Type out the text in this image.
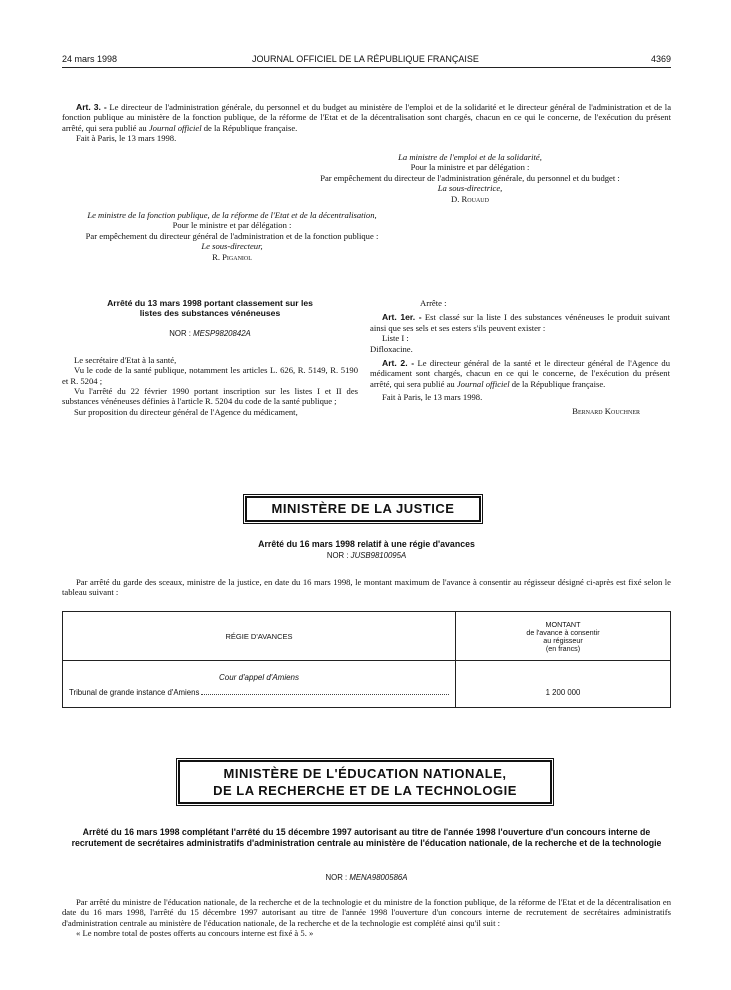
24 mars 1998	JOURNAL OFFICIEL DE LA RÉPUBLIQUE FRANÇAISE	4369

Art. 3. - Le directeur de l'administration générale, du personnel et du budget au ministère de l'emploi et de la solidarité et le directeur général de l'administration et de la fonction publique au ministère de la fonction publique, de la réforme de l'Etat et de la décentralisation sont chargés, chacun en ce qui le concerne, de l'exécution du présent arrêté, qui sera publié au Journal officiel de la République française.

Fait à Paris, le 13 mars 1998.

La ministre de l'emploi et de la solidarité,
Pour la ministre et par délégation :
Par empêchement du directeur de l'administration générale, du personnel et du budget :
La sous-directrice,
D. Rouaud
Le ministre de la fonction publique, de la réforme de l'Etat et de la décentralisation,
Pour le ministre et par délégation :
Par empêchement du directeur général de l'administration et de la fonction publique :
Le sous-directeur,
R. Piganiol
Arrêté du 13 mars 1998 portant classement sur les listes des substances vénéneuses
NOR : MESP9820842A

Le secrétaire d'Etat à la santé,

Vu le code de la santé publique, notamment les articles L. 626, R. 5149, R. 5190 et R. 5204 ;

Vu l'arrêté du 22 février 1990 portant inscription sur les listes I et II des substances vénéneuses définies à l'article R. 5204 du code de la santé publique ;

Sur proposition du directeur général de l'Agence du médicament,

Arrête :

Art. 1er. - Est classé sur la liste I des substances vénéneuses le produit suivant ainsi que ses sels et ses esters s'ils peuvent exister :

Liste I :

Difloxacine.

Art. 2. - Le directeur général de la santé et le directeur général de l'Agence du médicament sont chargés, chacun en ce qui le concerne, de l'exécution du présent arrêté, qui sera publié au Journal officiel de la République française.

Fait à Paris, le 13 mars 1998.

Bernard Kouchner
MINISTÈRE DE LA JUSTICE
Arrêté du 16 mars 1998 relatif à une régie d'avances
NOR : JUSB9810095A

Par arrêté du garde des sceaux, ministre de la justice, en date du 16 mars 1998, le montant maximum de l'avance à consentir au régisseur désigné ci-après est fixé selon le tableau suivant :

RÉGIE D'AVANCES
MONTANT
de l'avance à consentir
au régisseur
(en francs)
Cour d'appel d'Amiens
Tribunal de grande instance d'Amiens	1 200 000
MINISTÈRE DE L'ÉDUCATION NATIONALE,
DE LA RECHERCHE ET DE LA TECHNOLOGIE
Arrêté du 16 mars 1998 complétant l'arrêté du 15 décembre 1997 autorisant au titre de l'année 1998 l'ouverture d'un concours interne de recrutement de secrétaires administratifs d'administration centrale au ministère de l'éducation nationale, de la recherche et de la technologie
NOR : MENA9800586A

Par arrêté du ministre de l'éducation nationale, de la recherche et de la technologie et du ministre de la fonction publique, de la réforme de l'Etat et de la décentralisation en date du 16 mars 1998, l'arrêté du 15 décembre 1997 autorisant au titre de l'année 1998 l'ouverture d'un concours interne de recrutement de secrétaires administratifs d'administration centrale au ministère de l'éducation nationale, de la recherche et de la technologie est complété ainsi qu'il suit :

« Le nombre total de postes offerts au concours interne est fixé à 5. »
